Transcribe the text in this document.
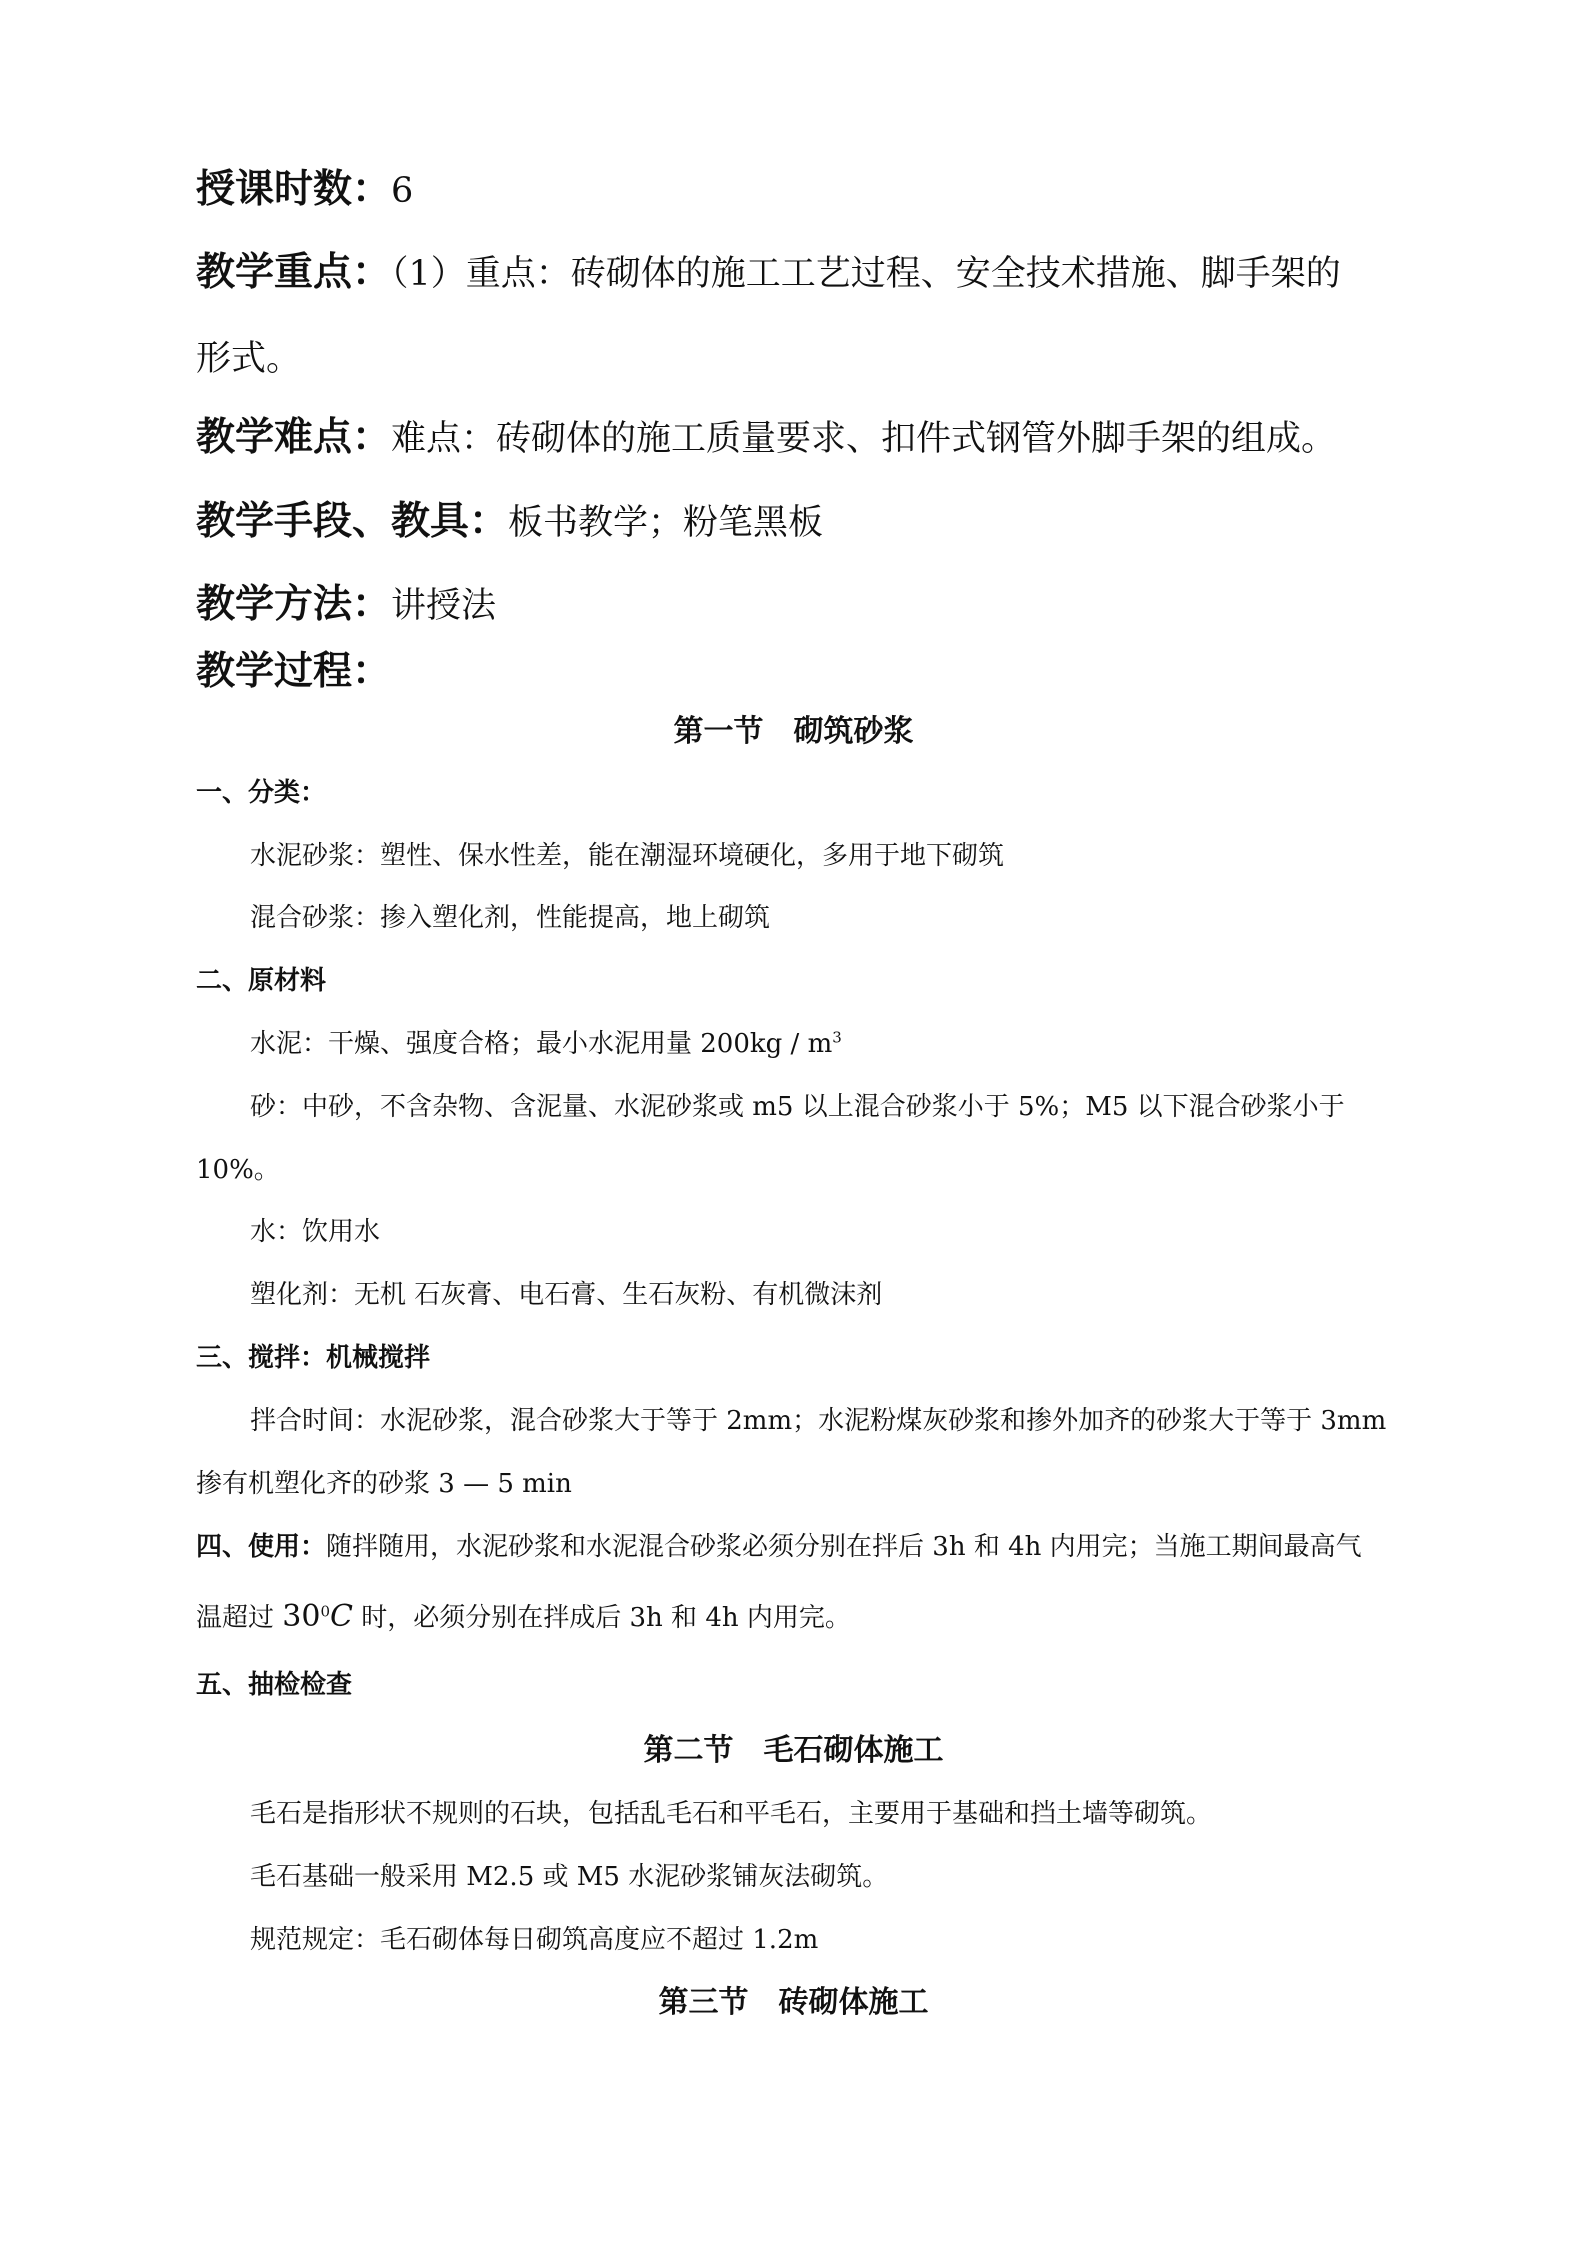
授课时数：6
教学重点：（1）重点：砖砌体的施工工艺过程、安全技术措施、脚手架的
形式。
教学难点：难点：砖砌体的施工质量要求、扣件式钢管外脚手架的组成。
教学手段、教具：板书教学；粉笔黑板
教学方法：讲授法
教学过程：
第一节　砌筑砂浆
一、分类：
水泥砂浆：塑性、保水性差，能在潮湿环境硬化，多用于地下砌筑
混合砂浆：掺入塑化剂，性能提高，地上砌筑
二、原材料
水泥：干燥、强度合格；最小水泥用量 $200kg / m^3$
砂：中砂，不含杂物、含泥量、水泥砂浆或 m5 以上混合砂浆小于 5%；M5 以下混合砂浆小于
10%。
水：饮用水
塑化剂：无机 石灰膏、电石膏、生石灰粉、有机微沫剂
三、搅拌：机械搅拌
拌合时间：水泥砂浆，混合砂浆大于等于 2mm；水泥粉煤灰砂浆和掺外加齐的砂浆大于等于 3mm
掺有机塑化齐的砂浆 3 — 5 min
四、使用：随拌随用，水泥砂浆和水泥混合砂浆必须分别在拌后 3h 和 4h 内用完；当施工期间最高气
温超过 $30^0C$ 时，必须分别在拌成后 3h 和 4h 内用完。
五、抽检检查
第二节　毛石砌体施工
毛石是指形状不规则的石块，包括乱毛石和平毛石，主要用于基础和挡土墙等砌筑。
毛石基础一般采用 M2.5 或 M5 水泥砂浆铺灰法砌筑。
规范规定：毛石砌体每日砌筑高度应不超过 1.2m
第三节　砖砌体施工
